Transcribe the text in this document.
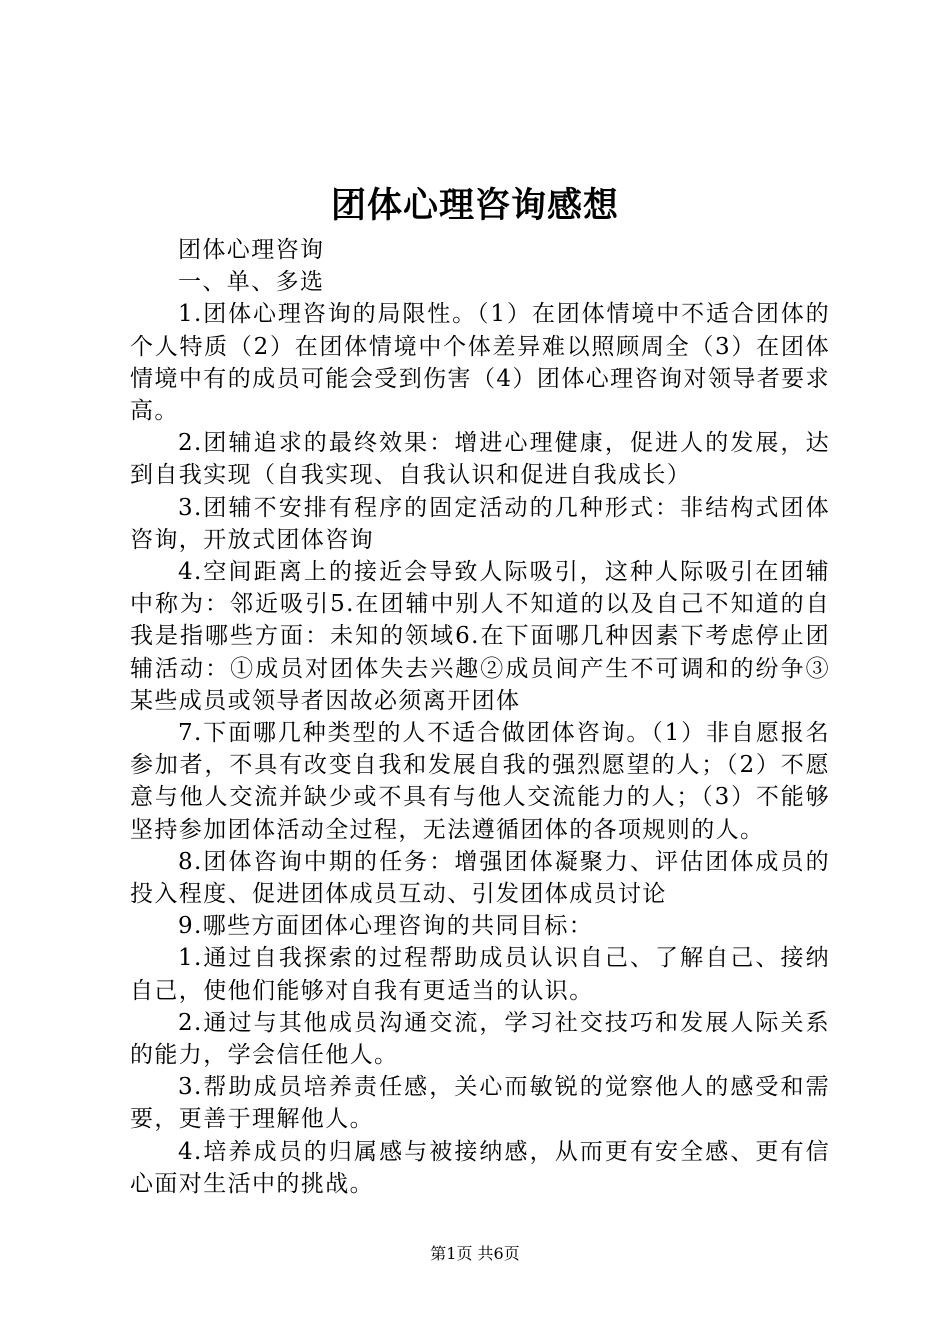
团体心理咨询感想

团体心理咨询

一、单、多选

1.团体心理咨询的局限性。（1）在团体情境中不适合团体的个人特质（2）在团体情境中个体差异难以照顾周全（3）在团体情境中有的成员可能会受到伤害（4）团体心理咨询对领导者要求高。

2.团辅追求的最终效果：增进心理健康，促进人的发展，达到自我实现（自我实现、自我认识和促进自我成长）

3.团辅不安排有程序的固定活动的几种形式：非结构式团体咨询，开放式团体咨询

4.空间距离上的接近会导致人际吸引，这种人际吸引在团辅中称为：邻近吸引5.在团辅中别人不知道的以及自己不知道的自我是指哪些方面：未知的领域6.在下面哪几种因素下考虑停止团辅活动：①成员对团体失去兴趣②成员间产生不可调和的纷争③某些成员或领导者因故必须离开团体

7.下面哪几种类型的人不适合做团体咨询。（1）非自愿报名参加者，不具有改变自我和发展自我的强烈愿望的人；（2）不愿意与他人交流并缺少或不具有与他人交流能力的人；（3）不能够坚持参加团体活动全过程，无法遵循团体的各项规则的人。

8.团体咨询中期的任务：增强团体凝聚力、评估团体成员的投入程度、促进团体成员互动、引发团体成员讨论

9.哪些方面团体心理咨询的共同目标：

1.通过自我探索的过程帮助成员认识自己、了解自己、接纳自己，使他们能够对自我有更适当的认识。

2.通过与其他成员沟通交流，学习社交技巧和发展人际关系的能力，学会信任他人。

3.帮助成员培养责任感，关心而敏锐的觉察他人的感受和需要，更善于理解他人。

4.培养成员的归属感与被接纳感，从而更有安全感、更有信心面对生活中的挑战。

第1页 共6页
